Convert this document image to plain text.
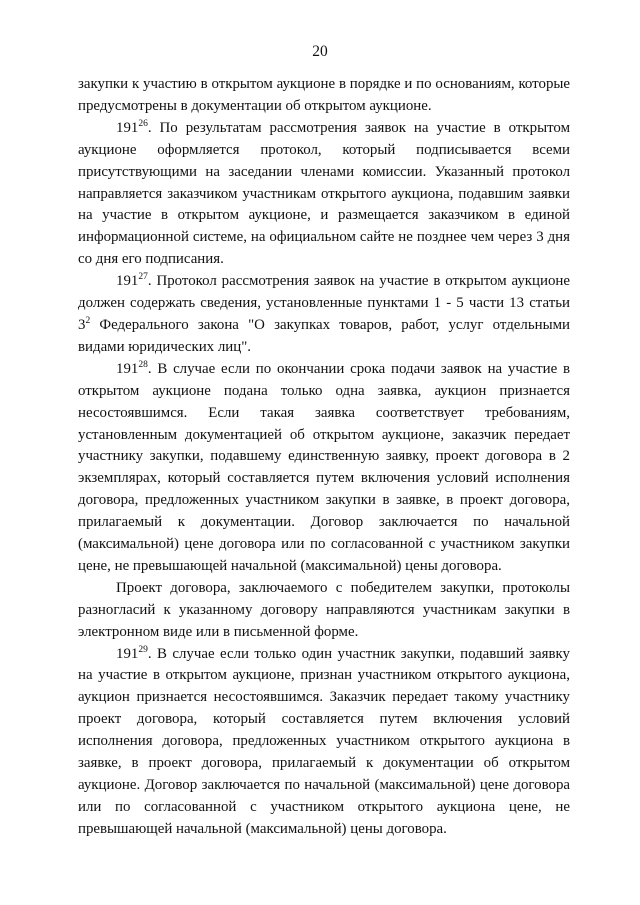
20

закупки к участию в открытом аукционе в порядке и по основаниям, которые предусмотрены в документации об открытом аукционе.

$191^{26}$. По результатам рассмотрения заявок на участие в открытом аукционе оформляется протокол, который подписывается всеми присутствующими на заседании членами комиссии. Указанный протокол направляется заказчиком участникам открытого аукциона, подавшим заявки на участие в открытом аукционе, и размещается заказчиком в единой информационной системе, на официальном сайте не позднее чем через 3 дня со дня его подписания.

$191^{27}$. Протокол рассмотрения заявок на участие в открытом аукционе должен содержать сведения, установленные пунктами 1 - 5 части 13 статьи $3^2$ Федерального закона "О закупках товаров, работ, услуг отдельными видами юридических лиц".

$191^{28}$. В случае если по окончании срока подачи заявок на участие в открытом аукционе подана только одна заявка, аукцион признается несостоявшимся. Если такая заявка соответствует требованиям, установленным документацией об открытом аукционе, заказчик передает участнику закупки, подавшему единственную заявку, проект договора в 2 экземплярах, который составляется путем включения условий исполнения договора, предложенных участником закупки в заявке, в проект договора, прилагаемый к документации. Договор заключается по начальной (максимальной) цене договора или по согласованной с участником закупки цене, не превышающей начальной (максимальной) цены договора.

Проект договора, заключаемого с победителем закупки, протоколы разногласий к указанному договору направляются участникам закупки в электронном виде или в письменной форме.

$191^{29}$. В случае если только один участник закупки, подавший заявку на участие в открытом аукционе, признан участником открытого аукциона, аукцион признается несостоявшимся. Заказчик передает такому участнику проект договора, который составляется путем включения условий исполнения договора, предложенных участником открытого аукциона в заявке, в проект договора, прилагаемый к документации об открытом аукционе. Договор заключается по начальной (максимальной) цене договора или по согласованной с участником открытого аукциона цене, не превышающей начальной (максимальной) цены договора.
